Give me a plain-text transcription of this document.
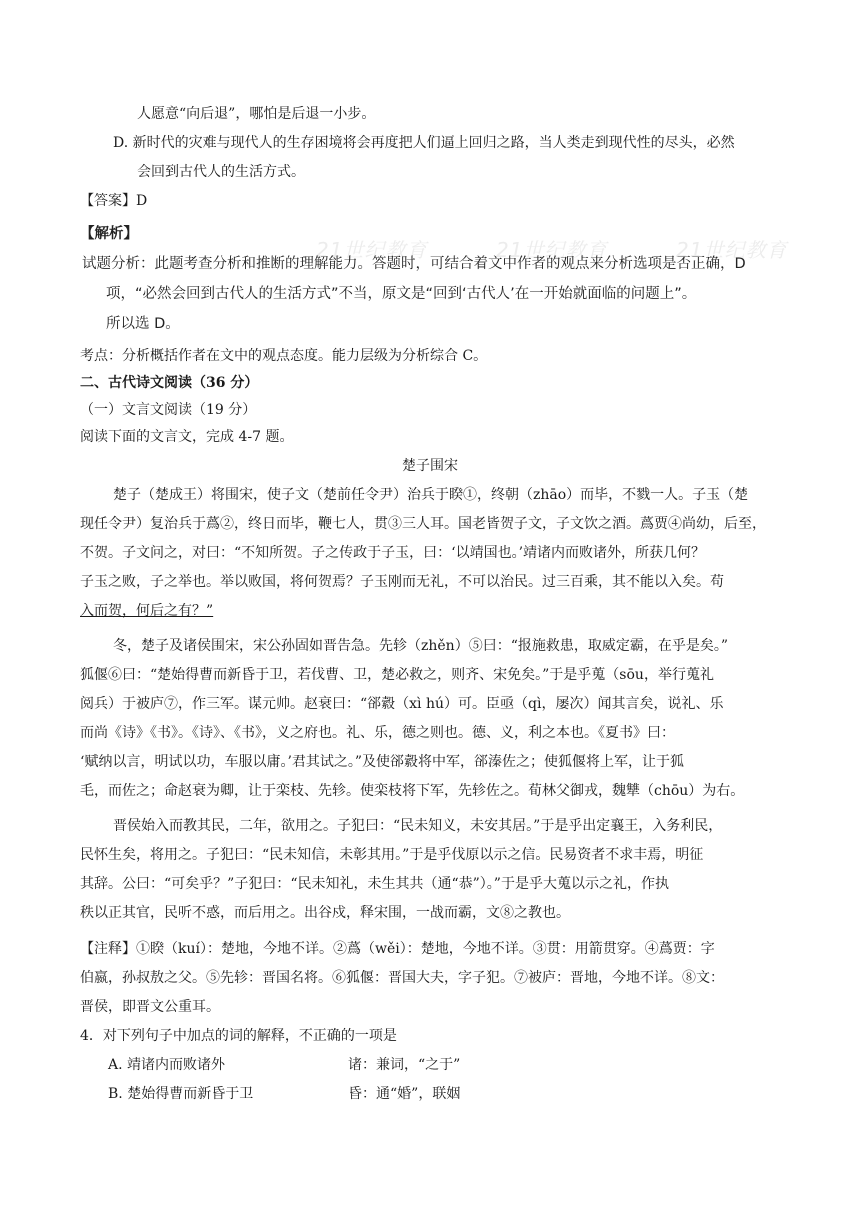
人愿意“向后退”，哪怕是后退一小步。
D. 新时代的灾难与现代人的生存困境将会再度把人们逼上回归之路，当人类走到现代性的尽头，必然
会回到古代人的生活方式。
【答案】D
21世纪教育	21世纪教育	21世纪教育
【解析】
试题分析：此题考查分析和推断的理解能力。答题时，可结合着文中作者的观点来分析选项是否正确，D
项，“必然会回到古代人的生活方式”不当，原文是“回到‘古代人’在一开始就面临的问题上”。
所以选 D。
考点：分析概括作者在文中的观点态度。能力层级为分析综合 C。
二、古代诗文阅读（36 分）
（一）文言文阅读（19 分）
阅读下面的文言文，完成 4-7 题。
楚子围宋
楚子（楚成王）将围宋，使子文（楚前任令尹）治兵于睽①，终朝（zhāo）而毕，不戮一人。子玉（楚
现任令尹）复治兵于蔿②，终日而毕，鞭七人，贯③三人耳。国老皆贺子文，子文饮之酒。蔿贾④尚幼，后至，
不贺。子文问之，对曰：“不知所贺。子之传政于子玉，曰：‘以靖国也。’靖诸内而败诸外，所获几何？
子玉之败，子之举也。举以败国，将何贺焉？子玉刚而无礼，不可以治民。过三百乘，其不能以入矣。苟
入而贺，何后之有？”
冬，楚子及诸侯围宋，宋公孙固如晋告急。先轸（zhěn）⑤曰：“报施救患，取威定霸，在乎是矣。”
狐偃⑥曰：“楚始得曹而新昏于卫，若伐曹、卫，楚必救之，则齐、宋免矣。”于是乎蒐（sōu，举行蒐礼
阅兵）于被庐⑦，作三军。谋元帅。赵衰曰：“郤縠（xì hú）可。臣亟（qì，屡次）闻其言矣，说礼、乐
而尚《诗》《书》。《诗》、《书》，义之府也。礼、乐，德之则也。德、义，利之本也。《夏书》曰：
‘赋纳以言，明试以功，车服以庸。’君其试之。”及使郤縠将中军，郤溱佐之；使狐偃将上军，让于狐
毛，而佐之；命赵衰为卿，让于栾枝、先轸。使栾枝将下军，先轸佐之。荀林父御戎，魏犨（chōu）为右。
晋侯始入而教其民，二年，欲用之。子犯曰：“民未知义，未安其居。”于是乎出定襄王，入务利民，
民怀生矣，将用之。子犯曰：“民未知信，未彰其用。”于是乎伐原以示之信。民易资者不求丰焉，明征
其辞。公曰：“可矣乎？”子犯曰：“民未知礼，未生其共（通“恭”）。”于是乎大蒐以示之礼，作执
秩以正其官，民听不惑，而后用之。出谷戍，释宋围，一战而霸，文⑧之教也。
【注释】①睽（kuí）：楚地，今地不详。②蔿（wěi）：楚地，今地不详。③贯：用箭贯穿。④蔿贾：字
伯嬴，孙叔敖之父。⑤先轸：晋国名将。⑥狐偃：晋国大夫，字子犯。⑦被庐：晋地，今地不详。⑧文：
晋侯，即晋文公重耳。
4．对下列句子中加点的词的解释，不正确的一项是
A. 靖诸内而败诸外	诸：兼词，“之于”
B. 楚始得曹而新昏于卫	昏：通“婚”，联姻
